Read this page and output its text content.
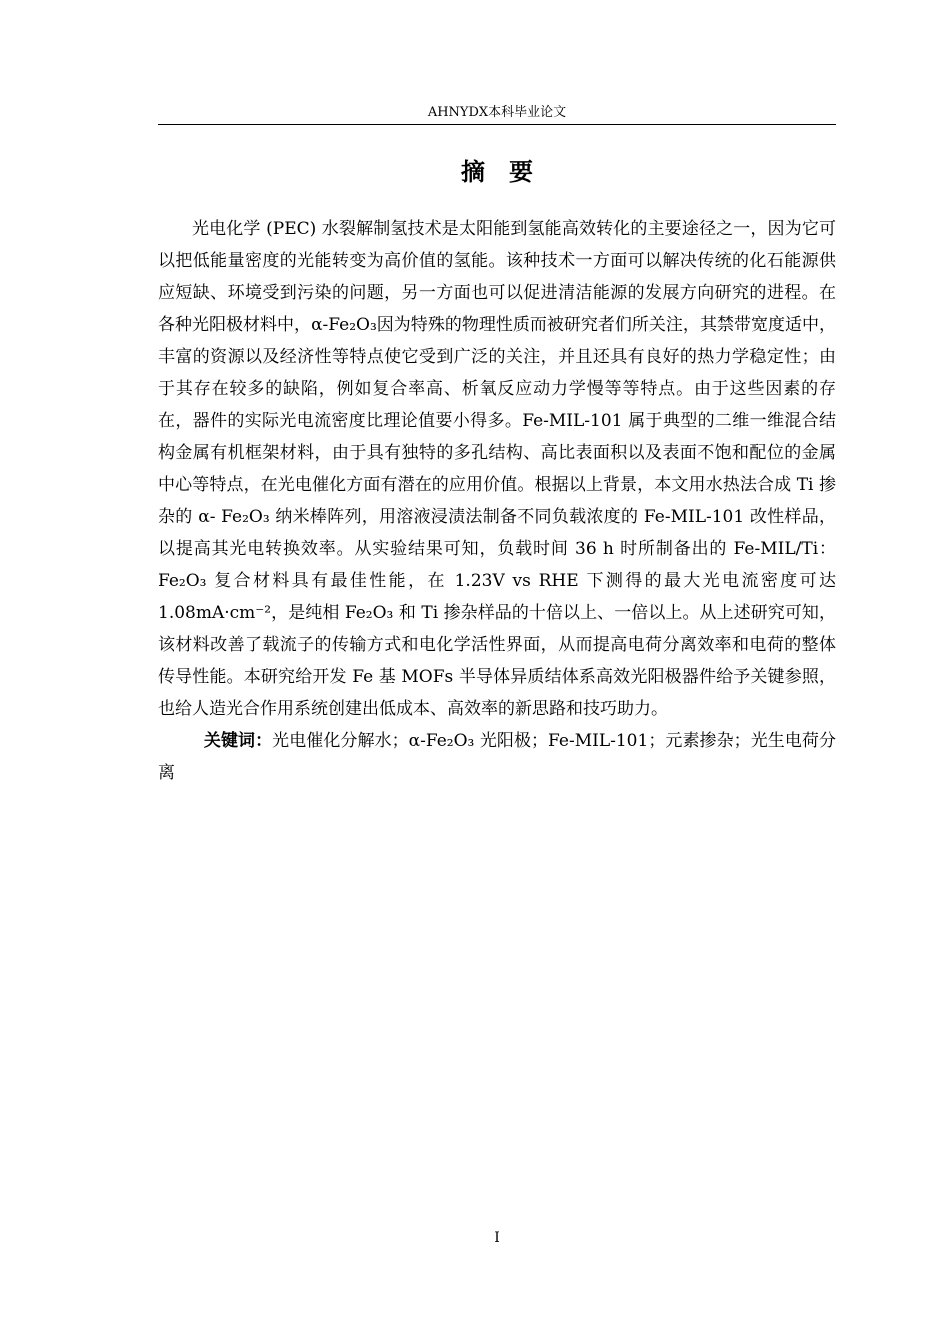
AHNYDX本科毕业论文
摘　要

光电化学 (PEC) 水裂解制氢技术是太阳能到氢能高效转化的主要途径之一，因为它可以把低能量密度的光能转变为高价值的氢能。该种技术一方面可以解决传统的化石能源供应短缺、环境受到污染的问题，另一方面也可以促进清洁能源的发展方向研究的进程。在各种光阳极材料中，α-Fe₂O₃因为特殊的物理性质而被研究者们所关注，其禁带宽度适中，丰富的资源以及经济性等特点使它受到广泛的关注，并且还具有良好的热力学稳定性；由于其存在较多的缺陷，例如复合率高、析氧反应动力学慢等等特点。由于这些因素的存在，器件的实际光电流密度比理论值要小得多。Fe-MIL-101 属于典型的二维一维混合结构金属有机框架材料，由于具有独特的多孔结构、高比表面积以及表面不饱和配位的金属中心等特点，在光电催化方面有潜在的应用价值。根据以上背景，本文用水热法合成 Ti 掺杂的 α- Fe₂O₃ 纳米棒阵列，用溶液浸渍法制备不同负载浓度的 Fe-MIL-101 改性样品，以提高其光电转换效率。从实验结果可知，负载时间 36 h 时所制备出的 Fe-MIL/Ti：Fe₂O₃ 复合材料具有最佳性能，在 1.23V vs RHE 下测得的最大光电流密度可达 1.08mA·cm⁻²，是纯相 Fe₂O₃ 和 Ti 掺杂样品的十倍以上、一倍以上。从上述研究可知，该材料改善了载流子的传输方式和电化学活性界面，从而提高电荷分离效率和电荷的整体传导性能。本研究给开发 Fe 基 MOFs 半导体异质结体系高效光阳极器件给予关键参照，也给人造光合作用系统创建出低成本、高效率的新思路和技巧助力。

关键词：光电催化分解水；α-Fe₂O₃ 光阳极；Fe-MIL-101；元素掺杂；光生电荷分离

I
